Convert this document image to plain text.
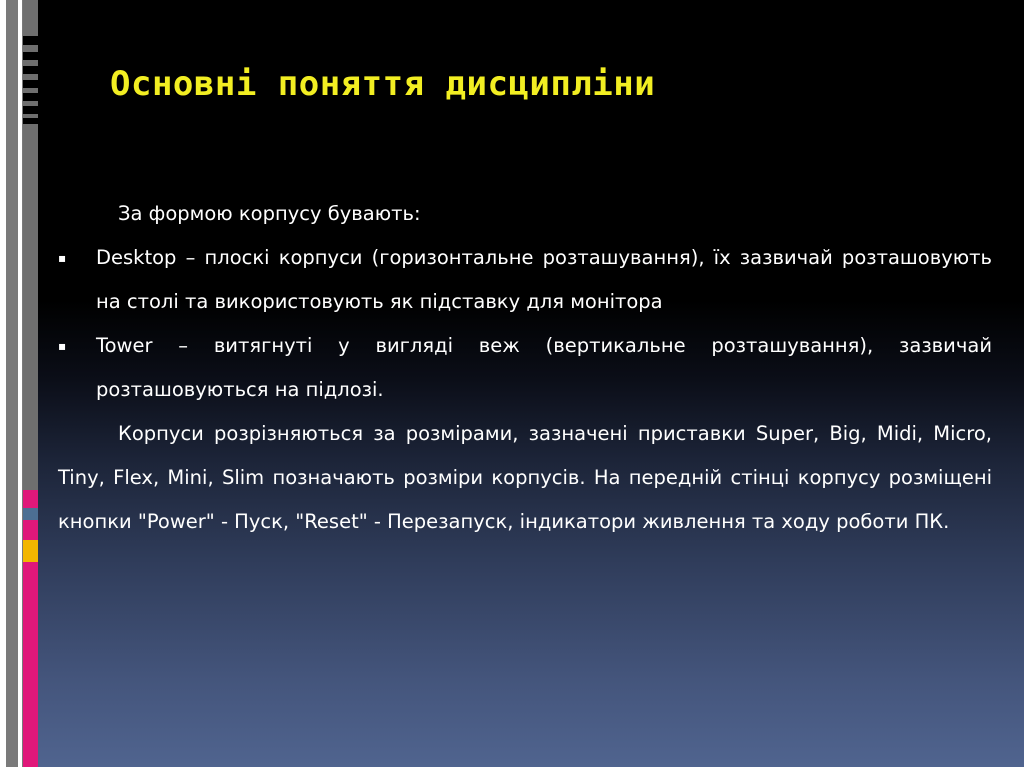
Основні поняття дисципліни

За формою корпусу бувають:

▪ Desktop – плоскі корпуси (горизонтальне розташування), їх зазвичай розташовують на столі та використовують як підставку для монітора

▪ Tower – витягнуті у вигляді веж (вертикальне розташування), зазвичай розташовуються на підлозі.

Корпуси розрізняються за розмірами, зазначені приставки Super, Big, Midi, Micro, Tiny, Flex, Mini, Slim позначають розміри корпусів. На передній стінці корпусу розміщені кнопки "Power" - Пуск, "Reset" - Перезапуск, індикатори живлення та ходу роботи ПК.
